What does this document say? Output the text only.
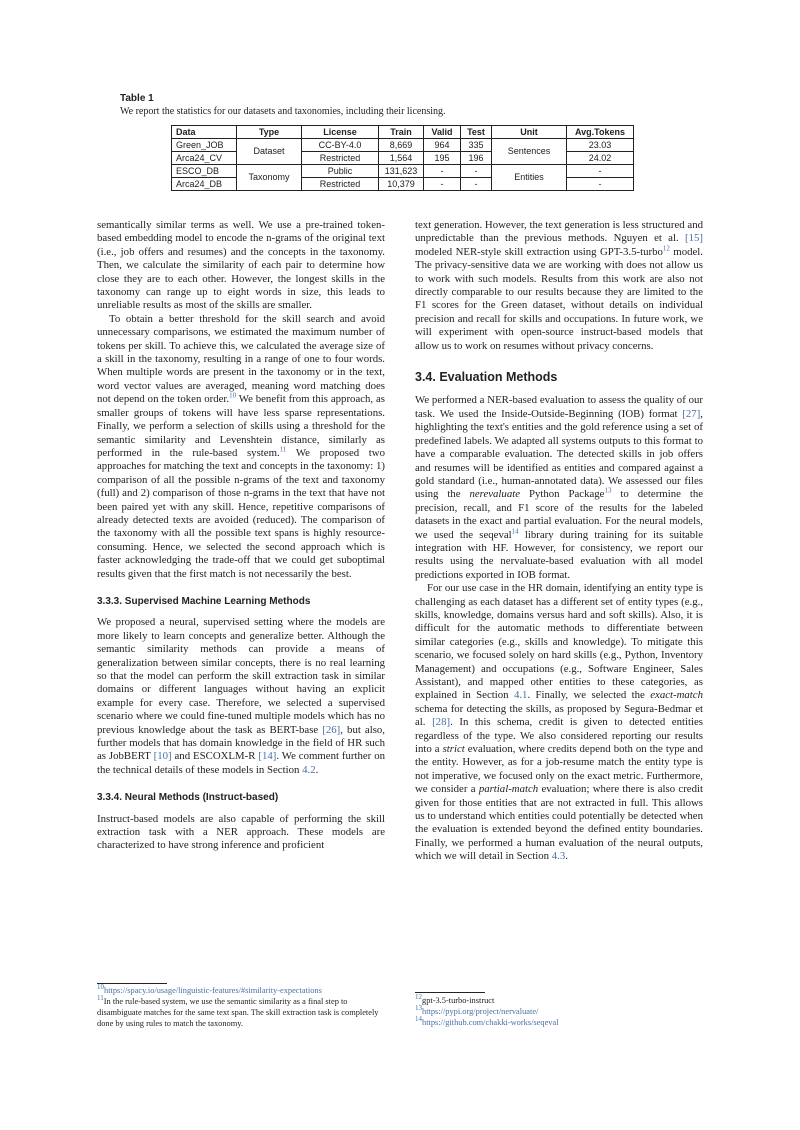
Table 1
We report the statistics for our datasets and taxonomies, including their licensing.
Data	Type	License	Train	Valid	Test	Unit	Avg.Tokens
Green_JOB	Dataset	CC-BY-4.0	8,669	964	335	Sentences	23.03
Arca24_CV		Restricted	1,564	195	196		24.02
ESCO_DB	Taxonomy	Public	131,623	-	-	Entities	-
Arca24_DB		Restricted	10,379	-	-		-

semantically similar terms as well. We use a pre-trained token-based embedding model to encode the n-grams of the original text (i.e., job offers and resumes) and the concepts in the taxonomy. Then, we calculate the similarity of each pair to determine how close they are to each other. However, the longest skills in the taxonomy can range up to eight words in size, this leads to unreliable results as most of the skills are smaller.

To obtain a better threshold for the skill search and avoid unnecessary comparisons, we estimated the maximum number of tokens per skill. To achieve this, we calculated the average size of a skill in the taxonomy, resulting in a range of one to four words. When multiple words are present in the taxonomy or in the text, word vector values are averaged, meaning word matching does not depend on the token order.$^{10}$ We benefit from this approach, as smaller groups of tokens will have less sparse representations. Finally, we perform a selection of skills using a threshold for the semantic similarity and Levenshtein distance, similarly as performed in the rule-based system.$^{11}$ We proposed two approaches for matching the text and concepts in the taxonomy: 1) comparison of all the possible n-grams of the text and taxonomy (full) and 2) comparison of those n-grams in the text that have not been paired yet with any skill. Hence, repetitive comparisons of already detected texts are avoided (reduced). The comparison of the taxonomy with all the possible text spans is highly resource-consuming. Hence, we selected the second approach which is faster acknowledging the trade-off that we could get suboptimal results given that the first match is not necessarily the best.

3.3.3. Supervised Machine Learning Methods

We proposed a neural, supervised setting where the models are more likely to learn concepts and generalize better. Although the semantic similarity methods can provide a means of generalization between similar concepts, there is no real learning so that the model can perform the skill extraction task in similar domains or different languages without having an explicit example for every case. Therefore, we selected a supervised scenario where we could fine-tuned multiple models which has no previous knowledge about the task as BERT-base [26], but also, further models that has domain knowledge in the field of HR such as JobBERT [10] and ESCOXLM-R [14]. We comment further on the technical details of these models in Section 4.2.

3.3.4. Neural Methods (Instruct-based)

Instruct-based models are also capable of performing the skill extraction task with a NER approach. These models are characterized to have strong inference and proficient

text generation. However, the text generation is less structured and unpredictable than the previous methods. Nguyen et al. [15] modeled NER-style skill extraction using GPT-3.5-turbo$^{12}$ model. The privacy-sensitive data we are working with does not allow us to work with such models. Results from this work are also not directly comparable to our results because they are limited to the F1 scores for the Green dataset, without details on individual precision and recall for skills and occupations. In future work, we will experiment with open-source instruct-based models that allow us to work on resumes without privacy concerns.

3.4. Evaluation Methods

We performed a NER-based evaluation to assess the quality of our task. We used the Inside-Outside-Beginning (IOB) format [27], highlighting the text's entities and the gold reference using a set of predefined labels. We adapted all systems outputs to this format to have a comparable evaluation. The detected skills in job offers and resumes will be identified as entities and compared against a gold standard (i.e., human-annotated data). We assessed our files using the nerevaluate Python Package$^{13}$ to determine the precision, recall, and F1 score of the results for the labeled datasets in the exact and partial evaluation. For the neural models, we used the seqeval$^{14}$ library during training for its suitable integration with HF. However, for consistency, we report our results using the nervaluate-based evaluation with all model predictions exported in IOB format.

For our use case in the HR domain, identifying an entity type is challenging as each dataset has a different set of entity types (e.g., skills, knowledge, domains versus hard and soft skills). Also, it is difficult for the automatic methods to differentiate between similar categories (e.g., skills and knowledge). To mitigate this scenario, we focused solely on hard skills (e.g., Python, Inventory Management) and occupations (e.g., Software Engineer, Sales Assistant), and mapped other entities to these categories, as explained in Section 4.1. Finally, we selected the exact-match schema for detecting the skills, as proposed by Segura-Bedmar et al. [28]. In this schema, credit is given to detected entities regardless of the type. We also considered reporting our results into a strict evaluation, where credits depend both on the type and the entity. However, as for a job-resume match the entity type is not imperative, we focused only on the exact metric. Furthermore, we consider a partial-match evaluation; where there is also credit given for those entities that are not extracted in full. This allows us to understand which entities could potentially be detected when the evaluation is extended beyond the defined entity boundaries. Finally, we performed a human evaluation of the neural outputs, which we will detail in Section 4.3.

$^{10}$https://spacy.io/usage/linguistic-features/#similarity-expectations

$^{11}$In the rule-based system, we use the semantic similarity as a final step to disambiguate matches for the same text span. The skill extraction task is completely done by using rules to match the taxonomy.

$^{12}$gpt-3.5-turbo-instruct

$^{13}$https://pypi.org/project/nervaluate/

$^{14}$https://github.com/chakki-works/seqeval
